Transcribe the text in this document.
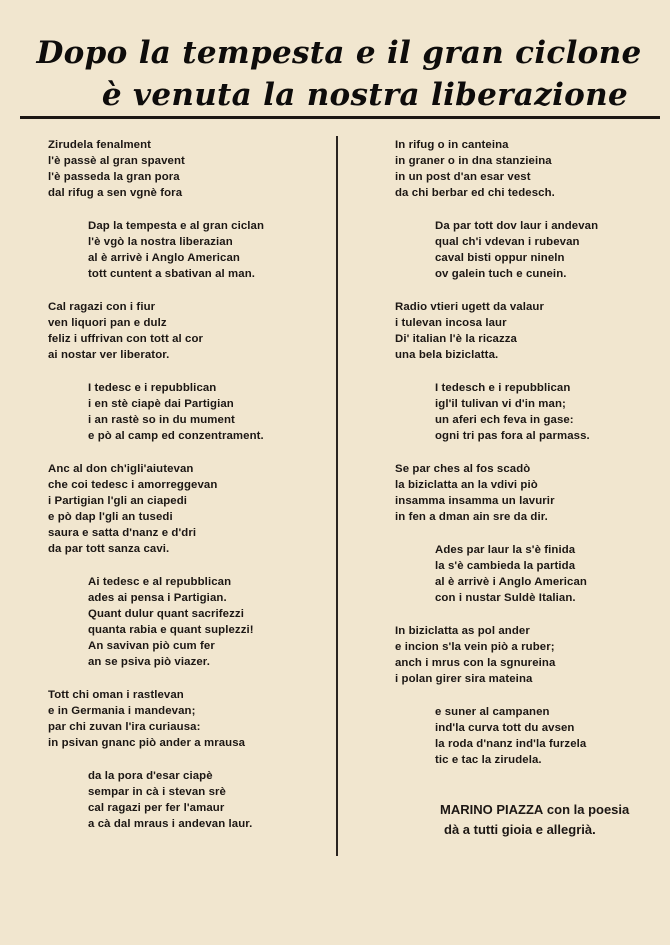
Dopo la tempesta e il gran ciclone
è venuta la nostra liberazione
Zirudela fenalment
l'è passè al gran spavent
l'è passeda la gran pora
dal rifug a sen vgnè fora
Dap la tempesta e al gran ciclan
l'è vgò la nostra liberazian
al è arrivè i Anglo American
tott cuntent a sbativan al man.
Cal ragazi con i fiur
ven liquori pan e dulz
feliz i uffrivan con tott al cor
ai nostar ver liberator.
I tedesc e i repubblican
i en stè ciapè dai Partigian
i an rastè so in du mument
e pò al camp ed conzentrament.
Anc al don ch'igli'aiutevan
che coi tedesc i amorreggevan
i Partigian l'gli an ciapedi
e pò dap l'gli an tusedi
saura e satta d'nanz e d'dri
da par tott sanza cavi.
Ai tedesc e al repubblican
ades ai pensa i Partigian.
Quant dulur quant sacrifezzi
quanta rabia e quant suplezzi!
An savivan piò cum fer
an se psiva piò viazer.
Tott chi oman i rastlevan
e in Germania i mandevan;
par chi zuvan l'ira curiausa:
in psivan gnanc piò ander a mrausa
da la pora d'esar ciapè
sempar in cà i stevan srè
cal ragazi per fer l'amaur
a cà dal mraus i andevan laur.
In rifug o in canteina
in graner o in dna stanzieina
in un post d'an esar vest
da chi berbar ed chi tedesch.
Da par tott dov laur i andevan
qual ch'i vdevan i rubevan
caval bisti oppur nineln
ov galein tuch e cunein.
Radio vtieri ugett da valaur
i tulevan incosa laur
Di' italian l'è la ricazza
una bela biziclatta.
I tedesch e i repubblican
igl'il tulivan vi d'in man;
un aferi ech feva in gase:
ogni tri pas fora al parmass.
Se par ches al fos scadò
la biziclatta an la vdivi piò
insamma insamma un lavurir
in fen a dman ain sre da dir.
Ades par laur la s'è finida
la s'è cambieda la partida
al è arrivè i Anglo American
con i nustar Suldè Italian.
In biziclatta as pol ander
e incion s'la vein piò a ruber;
anch i mrus con la sgnureina
i polan girer sira mateina
e suner al campanen
ind'la curva tott du avsen
la roda d'nanz ind'la furzela
tic e tac la zirudela.
MARINO PIAZZA con la poesia
dà a tutti gioia e allegrià.
